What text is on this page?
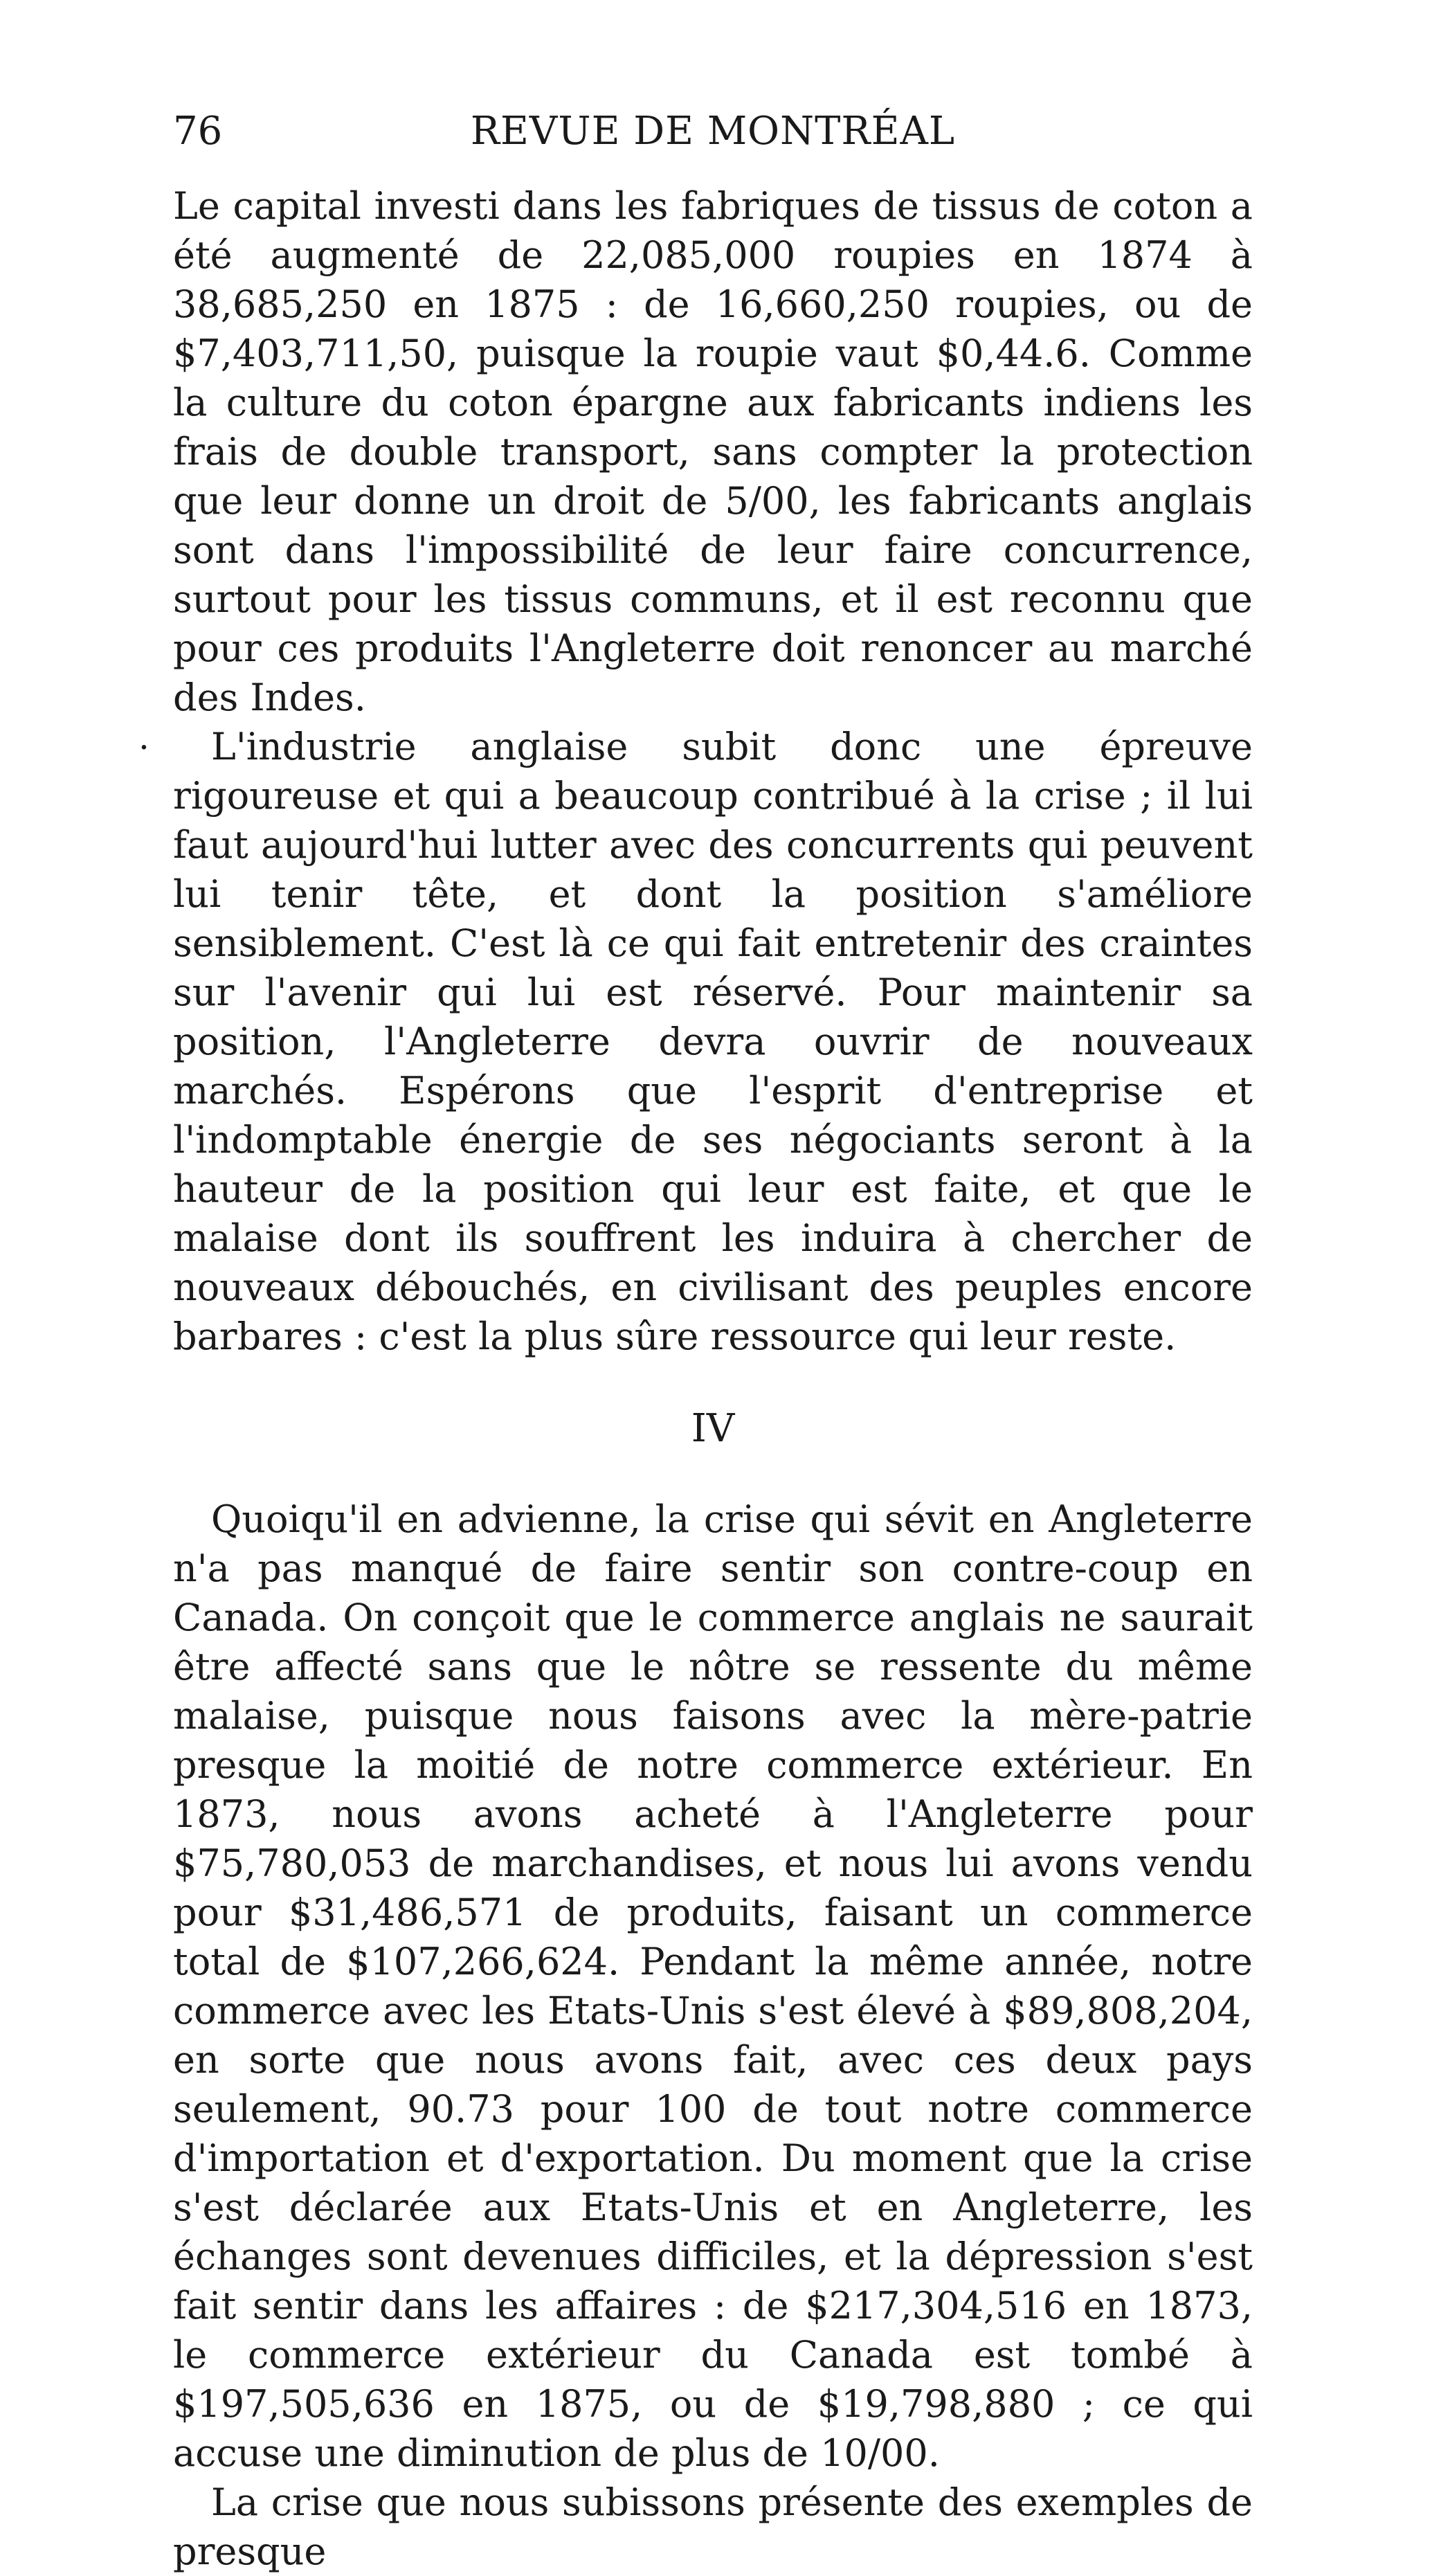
76	REVUE DE MONTRÉAL
.

Le capital investi dans les fabriques de tissus de coton a été augmenté de 22,085,000 roupies en 1874 à 38,685,250 en 1875 : de 16,660,250 roupies, ou de $7,403,711,50, puisque la roupie vaut $0,44.6. Comme la culture du coton épargne aux fabricants indiens les frais de double transport, sans compter la protection que leur donne un droit de 5/00, les fabricants anglais sont dans l'impossibilité de leur faire concurrence, surtout pour les tissus communs, et il est reconnu que pour ces produits l'Angleterre doit renoncer au marché des Indes.

L'industrie anglaise subit donc une épreuve rigoureuse et qui a beaucoup contribué à la crise ; il lui faut aujourd'hui lutter avec des concurrents qui peuvent lui tenir tête, et dont la position s'améliore sensiblement. C'est là ce qui fait entretenir des craintes sur l'avenir qui lui est réservé. Pour maintenir sa position, l'Angleterre devra ouvrir de nouveaux marchés. Espérons que l'esprit d'entreprise et l'indomptable énergie de ses négociants seront à la hauteur de la position qui leur est faite, et que le malaise dont ils souffrent les induira à chercher de nouveaux débouchés, en civilisant des peuples encore barbares : c'est la plus sûre ressource qui leur reste.

IV

Quoiqu'il en advienne, la crise qui sévit en Angleterre n'a pas manqué de faire sentir son contre-coup en Canada. On conçoit que le commerce anglais ne saurait être affecté sans que le nôtre se ressente du même malaise, puisque nous faisons avec la mère-patrie presque la moitié de notre commerce extérieur. En 1873, nous avons acheté à l'Angleterre pour $75,780,053 de marchandises, et nous lui avons vendu pour $31,486,571 de produits, faisant un commerce total de $107,266,624. Pendant la même année, notre commerce avec les Etats-Unis s'est élevé à $89,808,204, en sorte que nous avons fait, avec ces deux pays seulement, 90.73 pour 100 de tout notre commerce d'importation et d'exportation. Du moment que la crise s'est déclarée aux Etats-Unis et en Angleterre, les échanges sont devenues difficiles, et la dépression s'est fait sentir dans les affaires : de $217,304,516 en 1873, le commerce extérieur du Canada est tombé à $197,505,636 en 1875, ou de $19,798,880 ; ce qui accuse une diminution de plus de 10/00.

La crise que nous subissons présente des exemples de presque
